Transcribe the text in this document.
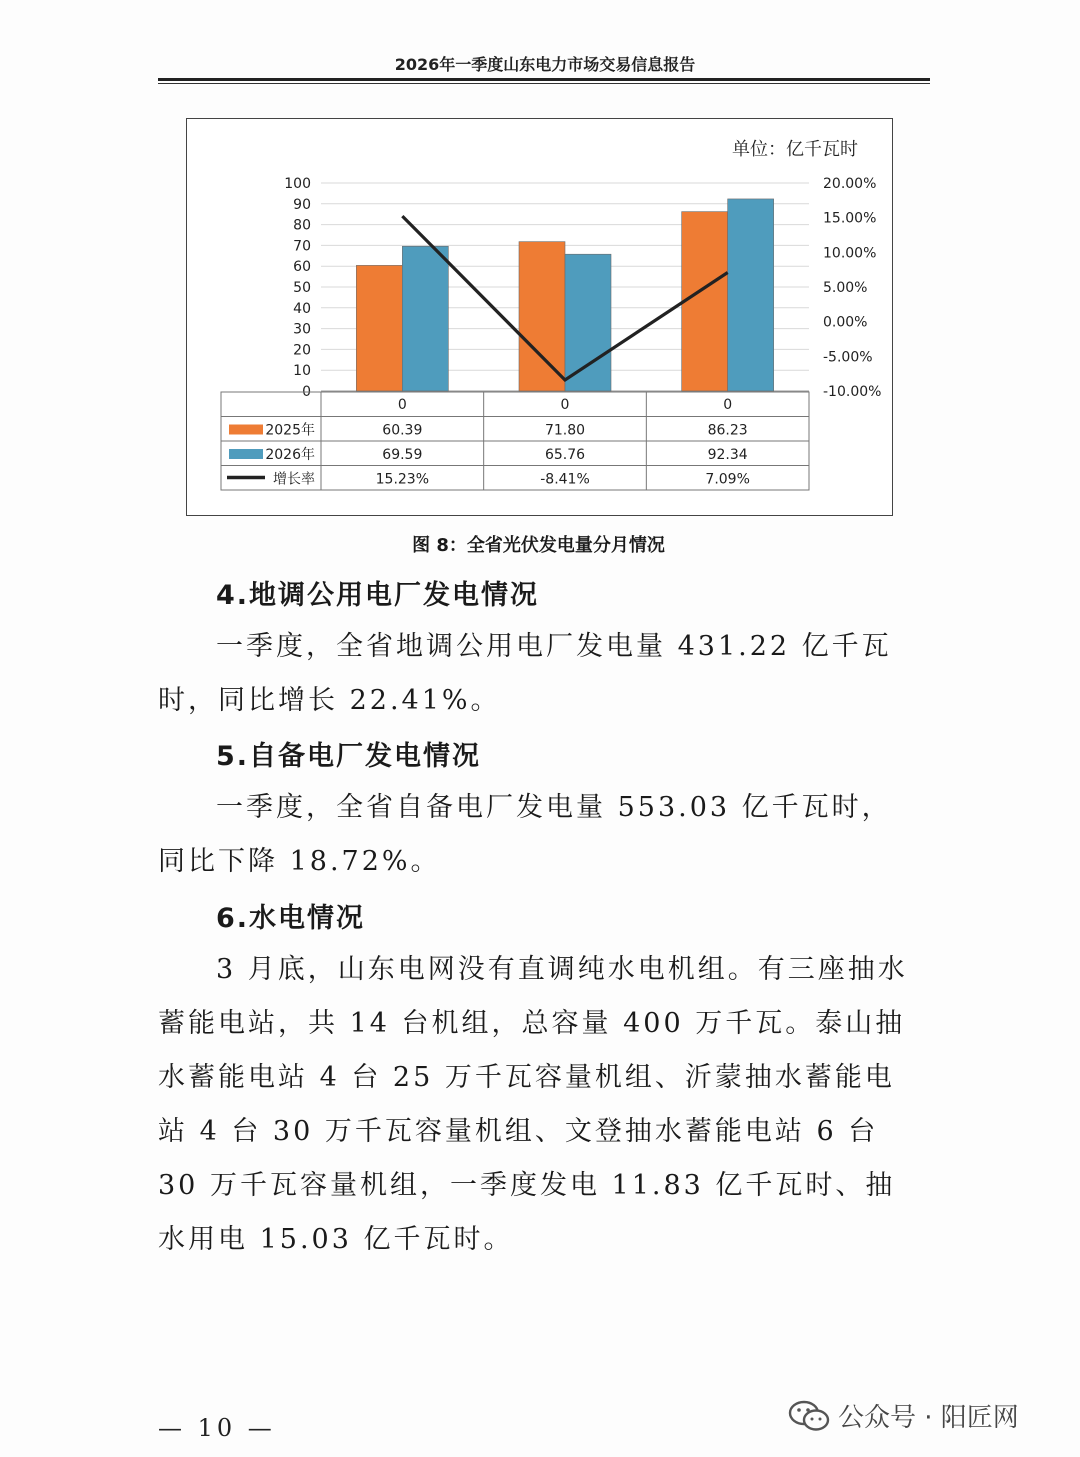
2026年一季度山东电力市场交易信息报告
单位：亿千瓦时
0
10
20
30
40
50
60
70
80
90
100
-10.00%
-5.00%
0.00%
5.00%
10.00%
15.00%
20.00%
0	0	0
2025年	60.39	71.80	86.23
2026年	69.59	65.76	92.34
增长率	15.23%	-8.41%	7.09%
图 8：全省光伏发电量分月情况
4.地调公用电厂发电情况

一季度，全省地调公用电厂发电量 431.22 亿千瓦时，同比增长 22.41%。

5.自备电厂发电情况

一季度，全省自备电厂发电量 553.03 亿千瓦时，同比下降 18.72%。

6.水电情况

3 月底，山东电网没有直调纯水电机组。有三座抽水蓄能电站，共 14 台机组，总容量 400 万千瓦。泰山抽水蓄能电站 4 台 25 万千瓦容量机组、沂蒙抽水蓄能电站 4 台 30 万千瓦容量机组、文登抽水蓄能电站 6 台 30 万千瓦容量机组，一季度发电 11.83 亿千瓦时、抽水用电 15.03 亿千瓦时。

— 10 —	公众号 · 阳匠网
